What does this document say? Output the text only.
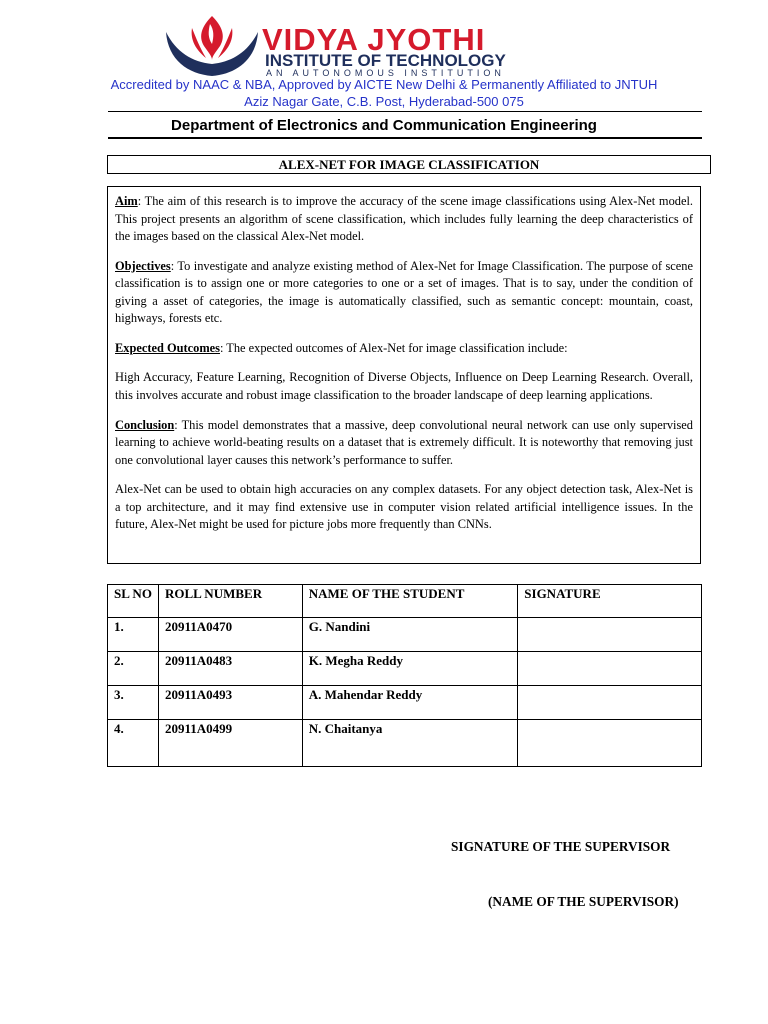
VIDYA JYOTHI
INSTITUTE OF TECHNOLOGY
AN AUTONOMOUS INSTITUTION
Accredited by NAAC & NBA, Approved by AICTE New Delhi & Permanently Affiliated to JNTUH
Aziz Nagar Gate, C.B. Post, Hyderabad-500 075
Department of Electronics and Communication Engineering
ALEX-NET FOR IMAGE CLASSIFICATION

Aim: The aim of this research is to improve the accuracy of the scene image classifications using Alex-Net model. This project presents an algorithm of scene classification, which includes fully learning the deep characteristics of the images based on the classical Alex-Net model.

Objectives: To investigate and analyze existing method of Alex-Net for Image Classification. The purpose of scene classification is to assign one or more categories to one or a set of images. That is to say, under the condition of giving a asset of categories, the image is automatically classified, such as semantic concept: mountain, coast, highways, forests etc.

Expected Outcomes: The expected outcomes of Alex-Net for image classification include:

High Accuracy, Feature Learning, Recognition of Diverse Objects, Influence on Deep Learning Research. Overall, this involves accurate and robust image classification to the broader landscape of deep learning applications.

Conclusion: This model demonstrates that a massive, deep convolutional neural network can use only supervised learning to achieve world-beating results on a dataset that is extremely difficult. It is noteworthy that removing just one convolutional layer causes this network’s performance to suffer.

Alex-Net can be used to obtain high accuracies on any complex datasets. For any object detection task, Alex-Net is a top architecture, and it may find extensive use in computer vision related artificial intelligence issues. In the future, Alex-Net might be used for picture jobs more frequently than CNNs.

SL NO	ROLL NUMBER	NAME OF THE STUDENT	SIGNATURE
1.	20911A0470	G. Nandini	
2.	20911A0483	K. Megha Reddy	
3.	20911A0493	A. Mahendar Reddy	
4.	20911A0499	N. Chaitanya	
SIGNATURE OF THE SUPERVISOR
(NAME OF THE SUPERVISOR)
